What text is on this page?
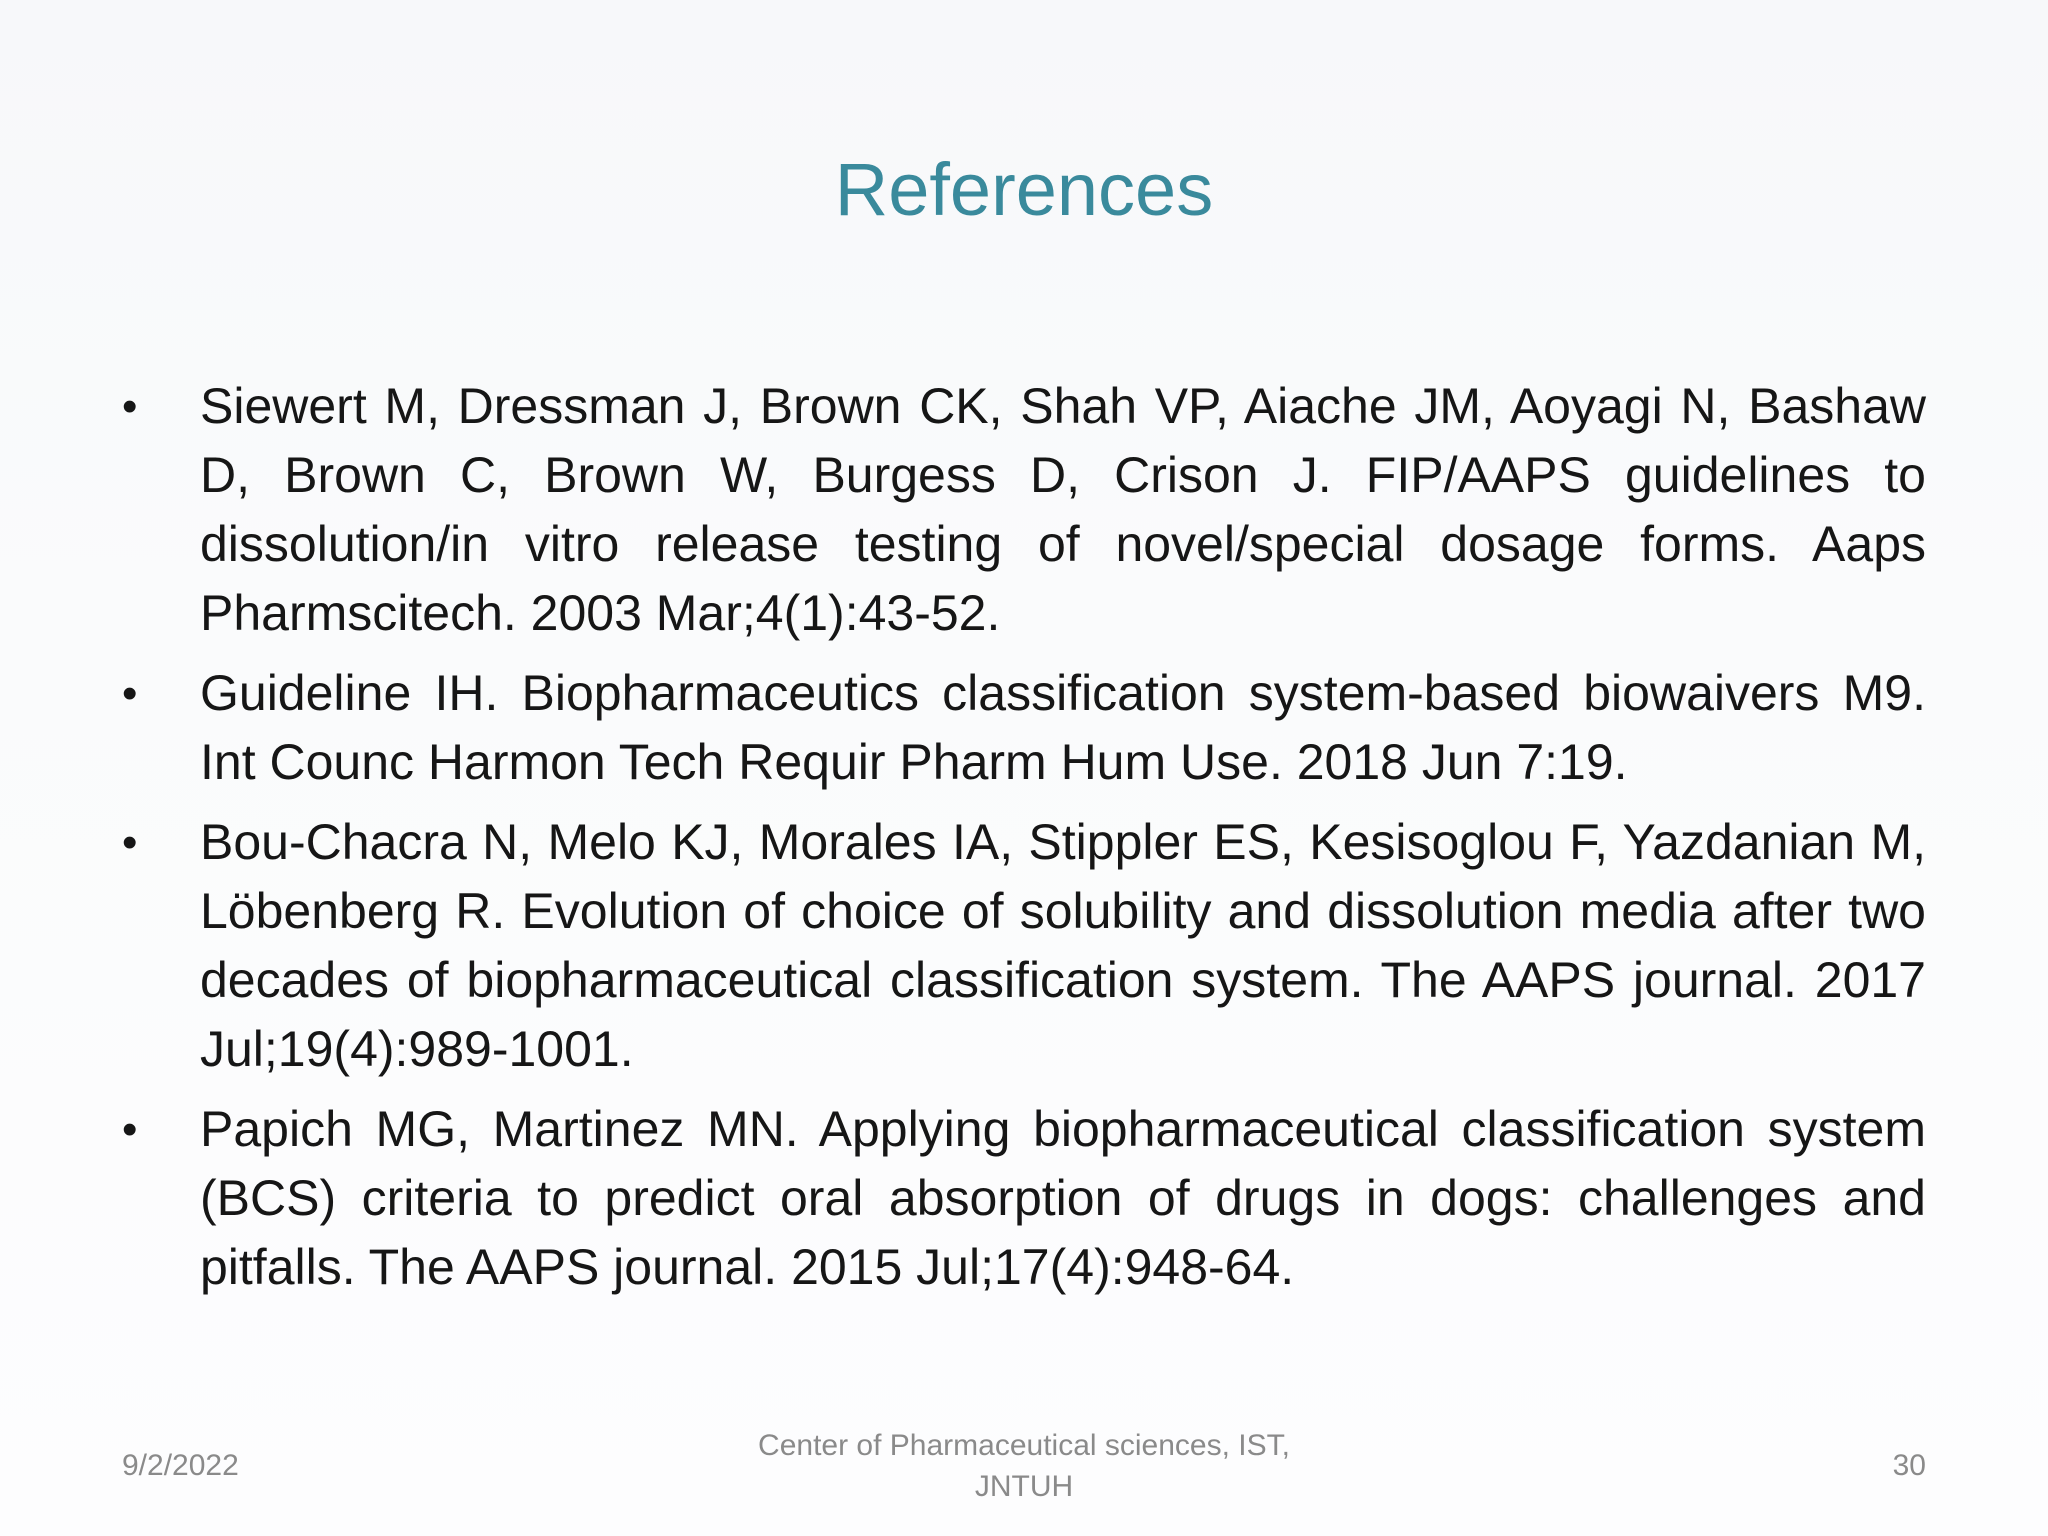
References
• Siewert M, Dressman J, Brown CK, Shah VP, Aiache JM, Aoyagi N, Bashaw D, Brown C, Brown W, Burgess D, Crison J. FIP/AAPS guidelines to dissolution/in vitro release testing of novel/special dosage forms. Aaps Pharmscitech. 2003 Mar;4(1):43-52.
• Guideline IH. Biopharmaceutics classification system-based biowaivers M9. Int Counc Harmon Tech Requir Pharm Hum Use. 2018 Jun 7:19.
• Bou-Chacra N, Melo KJ, Morales IA, Stippler ES, Kesisoglou F, Yazdanian M, Löbenberg R. Evolution of choice of solubility and dissolution media after two decades of biopharmaceutical classification system. The AAPS journal. 2017 Jul;19(4):989-1001.
• Papich MG, Martinez MN. Applying biopharmaceutical classification system (BCS) criteria to predict oral absorption of drugs in dogs: challenges and pitfalls. The AAPS journal. 2015 Jul;17(4):948-64.
9/2/2022
Center of Pharmaceutical sciences, IST,
JNTUH
30
